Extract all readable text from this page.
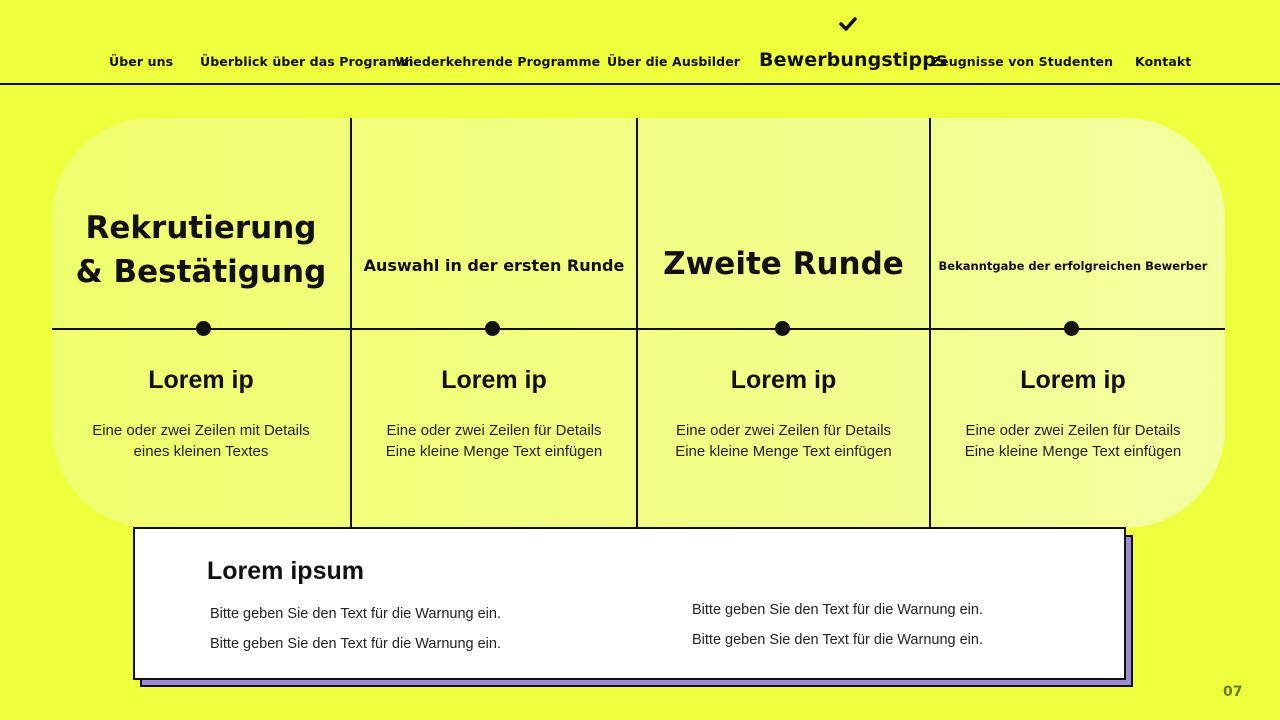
Über uns Überblick über das Programm
Wiederkehrende Programme Über die Ausbilder Bewerbungstipps
Zeugnisse von Studenten Kontakt
Rekrutierung
& Bestätigung
Lorem ip
Eine oder zwei Zeilen mit Details
eines kleinen Textes
Auswahl in der ersten Runde
Lorem ip
Eine oder zwei Zeilen für Details
Eine kleine Menge Text einfügen
Zweite Runde
Lorem ip
Eine oder zwei Zeilen für Details
Eine kleine Menge Text einfügen
Bekanntgabe der erfolgreichen Bewerber
Lorem ip
Eine oder zwei Zeilen für Details
Eine kleine Menge Text einfügen
Lorem ipsum
Bitte geben Sie den Text für die Warnung ein.
Bitte geben Sie den Text für die Warnung ein.
Bitte geben Sie den Text für die Warnung ein.
Bitte geben Sie den Text für die Warnung ein.
07
